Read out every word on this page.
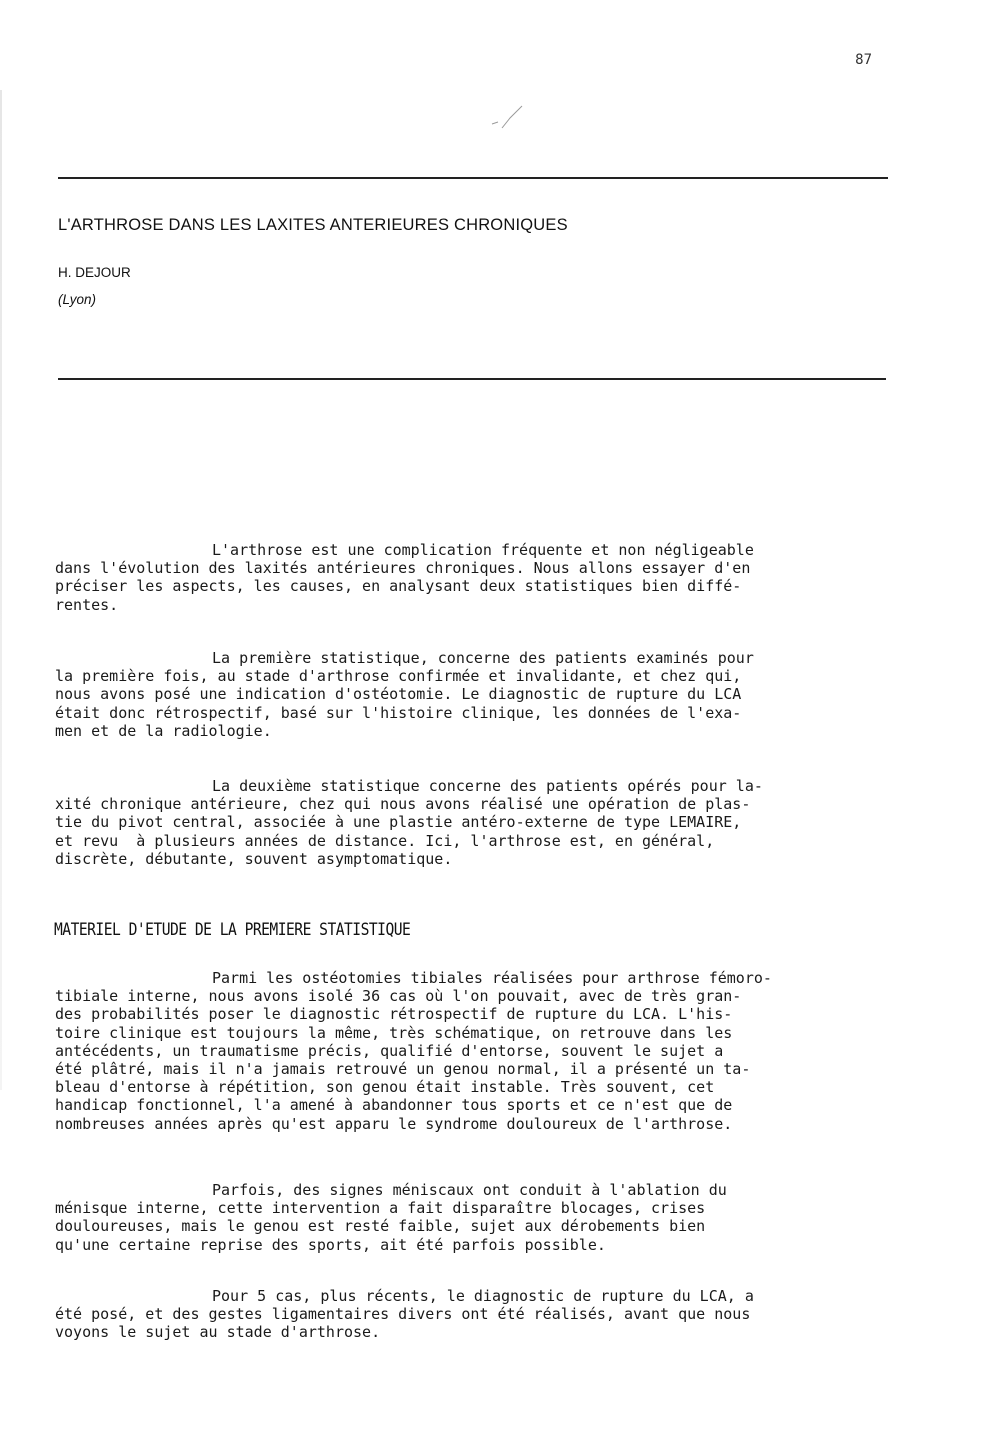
87
L'ARTHROSE DANS LES LAXITES ANTERIEURES CHRONIQUES
H. DEJOUR
(Lyon)
L'arthrose est une complication fréquente et non négligeable
dans l'évolution des laxités antérieures chroniques. Nous allons essayer d'en
préciser les aspects, les causes, en analysant deux statistiques bien diffé-
rentes.
La première statistique, concerne des patients examinés pour
la première fois, au stade d'arthrose confirmée et invalidante, et chez qui,
nous avons posé une indication d'ostéotomie. Le diagnostic de rupture du LCA
était donc rétrospectif, basé sur l'histoire clinique, les données de l'exa-
men et de la radiologie.
La deuxième statistique concerne des patients opérés pour la-
xité chronique antérieure, chez qui nous avons réalisé une opération de plas-
tie du pivot central, associée à une plastie antéro-externe de type LEMAIRE,
et revu  à plusieurs années de distance. Ici, l'arthrose est, en général,
discrète, débutante, souvent asymptomatique.
MATERIEL D'ETUDE DE LA PREMIERE STATISTIQUE
Parmi les ostéotomies tibiales réalisées pour arthrose fémoro-
tibiale interne, nous avons isolé 36 cas où l'on pouvait, avec de très gran-
des probabilités poser le diagnostic rétrospectif de rupture du LCA. L'his-
toire clinique est toujours la même, très schématique, on retrouve dans les
antécédents, un traumatisme précis, qualifié d'entorse, souvent le sujet a
été plâtré, mais il n'a jamais retrouvé un genou normal, il a présenté un ta-
bleau d'entorse à répétition, son genou était instable. Très souvent, cet
handicap fonctionnel, l'a amené à abandonner tous sports et ce n'est que de
nombreuses années après qu'est apparu le syndrome douloureux de l'arthrose.
Parfois, des signes méniscaux ont conduit à l'ablation du
ménisque interne, cette intervention a fait disparaître blocages, crises
douloureuses, mais le genou est resté faible, sujet aux dérobements bien
qu'une certaine reprise des sports, ait été parfois possible.
Pour 5 cas, plus récents, le diagnostic de rupture du LCA, a
été posé, et des gestes ligamentaires divers ont été réalisés, avant que nous
voyons le sujet au stade d'arthrose.
